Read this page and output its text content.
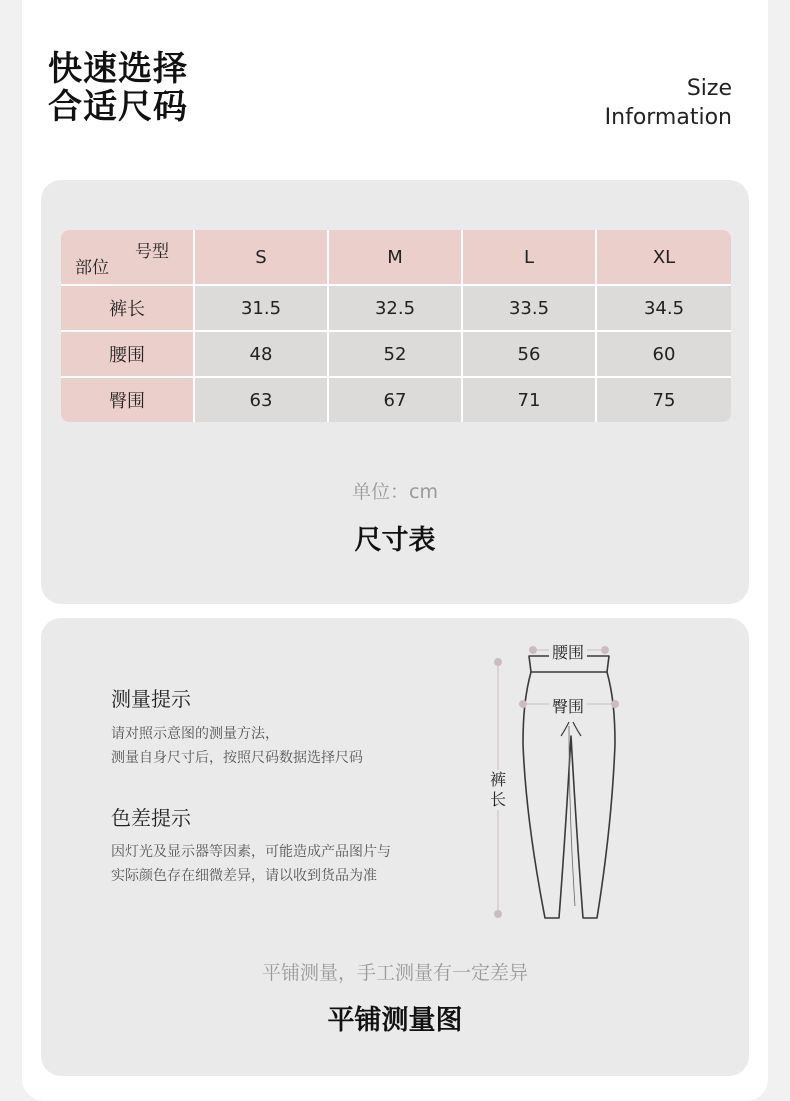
快速选择
合适尺码	Size
Information
号型
部位	S	M	L	XL
裤长	31.5	32.5	33.5	34.5
腰围	48	52	56	60
臀围	63	67	71	75
单位：cm
尺寸表
测量提示
请对照示意图的测量方法，
测量自身尺寸后，按照尺码数据选择尺码
色差提示
因灯光及显示器等因素，可能造成产品图片与
实际颜色存在细微差异，请以收到货品为准
腰围
臀围
裤
长
平铺测量，手工测量有一定差异
平铺测量图
